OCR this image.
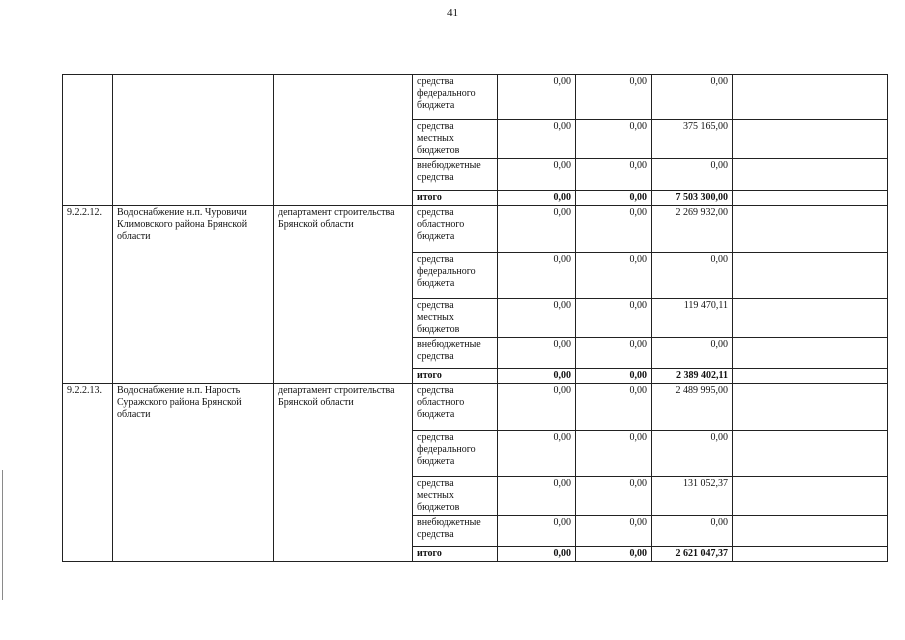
41
			средства федерального бюджета	0,00	0,00	0,00	
			средства местных бюджетов	0,00	0,00	375 165,00	
			внебюджетные средства	0,00	0,00	0,00	
			итого	0,00	0,00	7 503 300,00	
9.2.2.12.	Водоснабжение н.п. Чуровичи Климовского района Брянской области	департамент строительства Брянской области	средства областного бюджета	0,00	0,00	2 269 932,00	
			средства федерального бюджета	0,00	0,00	0,00	
			средства местных бюджетов	0,00	0,00	119 470,11	
			внебюджетные средства	0,00	0,00	0,00	
			итого	0,00	0,00	2 389 402,11	
9.2.2.13.	Водоснабжение н.п. Нарость Суражского района Брянской области	департамент строительства Брянской области	средства областного бюджета	0,00	0,00	2 489 995,00	
			средства федерального бюджета	0,00	0,00	0,00	
			средства местных бюджетов	0,00	0,00	131 052,37	
			внебюджетные средства	0,00	0,00	0,00	
			итого	0,00	0,00	2 621 047,37	
